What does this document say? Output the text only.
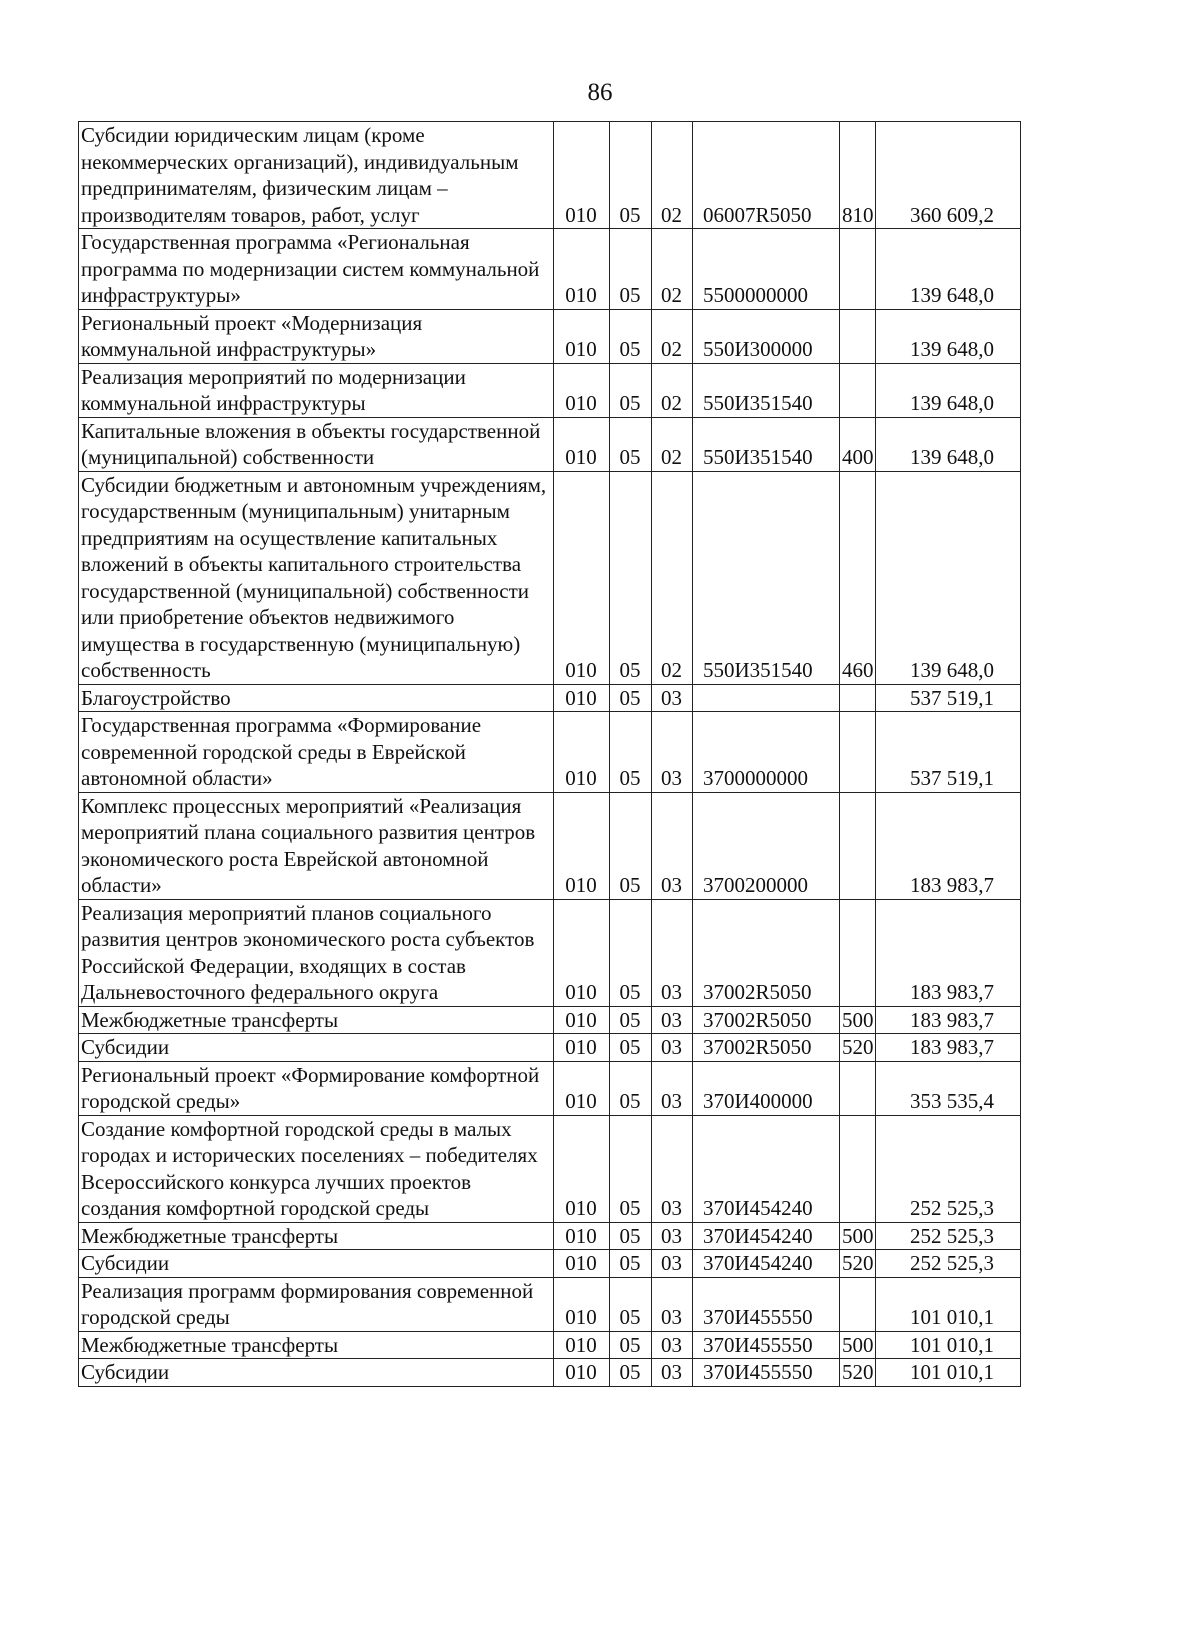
86
Субсидии юридическим лицам (кроме некоммерческих организаций), индивидуальным предпринимателям, физическим лицам – производителям товаров, работ, услуг	010	05	02	06007R5050	810	360 609,2
Государственная программа «Региональная программа по модернизации систем коммунальной инфраструктуры»	010	05	02	5500000000		139 648,0
Региональный проект «Модернизация коммунальной инфраструктуры»	010	05	02	550И300000		139 648,0
Реализация мероприятий по модернизации коммунальной инфраструктуры	010	05	02	550И351540		139 648,0
Капитальные вложения в объекты государственной (муниципальной) собственности	010	05	02	550И351540	400	139 648,0
Субсидии бюджетным и автономным учреждениям, государственным (муниципальным) унитарным предприятиям на осуществление капитальных вложений в объекты капитального строительства государственной (муниципальной) собственности или приобретение объектов недвижимого имущества в государственную (муниципальную) собственность	010	05	02	550И351540	460	139 648,0
Благоустройство	010	05	03			537 519,1
Государственная программа «Формирование современной городской среды в Еврейской автономной области»	010	05	03	3700000000		537 519,1
Комплекс процессных мероприятий «Реализация мероприятий плана социального развития центров экономического роста Еврейской автономной области»	010	05	03	3700200000		183 983,7
Реализация мероприятий планов социального развития центров экономического роста субъектов Российской Федерации, входящих в состав Дальневосточного федерального округа	010	05	03	37002R5050		183 983,7
Межбюджетные трансферты	010	05	03	37002R5050	500	183 983,7
Субсидии	010	05	03	37002R5050	520	183 983,7
Региональный проект «Формирование комфортной городской среды»	010	05	03	370И400000		353 535,4
Создание комфортной городской среды в малых городах и исторических поселениях – победителях Всероссийского конкурса лучших проектов создания комфортной городской среды	010	05	03	370И454240		252 525,3
Межбюджетные трансферты	010	05	03	370И454240	500	252 525,3
Субсидии	010	05	03	370И454240	520	252 525,3
Реализация программ формирования современной городской среды	010	05	03	370И455550		101 010,1
Межбюджетные трансферты	010	05	03	370И455550	500	101 010,1
Субсидии	010	05	03	370И455550	520	101 010,1
